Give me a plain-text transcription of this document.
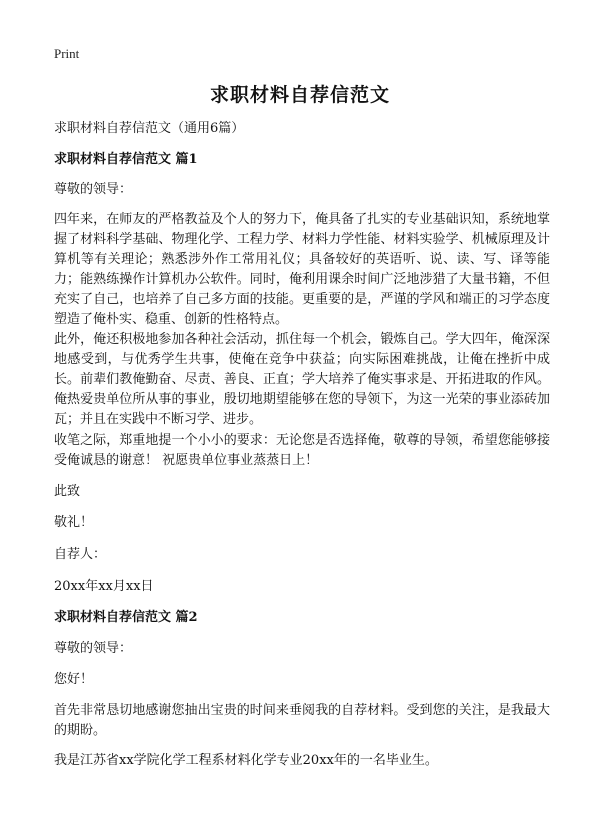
Print
求职材料自荐信范文
求职材料自荐信范文（通用6篇）
求职材料自荐信范文 篇1
尊敬的领导：
四年来，在师友的严格教益及个人的努力下，俺具备了扎实的专业基础识知，系统地掌握了材料科学基础、物理化学、工程力学、材料力学性能、材料实验学、机械原理及计算机等有关理论；熟悉涉外作工常用礼仪；具备较好的英语听、说、读、写、译等能力；能熟练操作计算机办公软件。同时，俺利用课余时间广泛地涉猎了大量书籍，不但充实了自己，也培养了自己多方面的技能。更重要的是，严谨的学风和端正的习学态度塑造了俺朴实、稳重、创新的性格特点。
此外，俺还积极地参加各种社会活动，抓住每一个机会，锻炼自己。学大四年，俺深深地感受到，与优秀学生共事，使俺在竞争中获益；向实际困难挑战，让俺在挫折中成长。前辈们教俺勤奋、尽责、善良、正直；学大培养了俺实事求是、开拓进取的作风。 俺热爱贵单位所从事的事业，殷切地期望能够在您的导领下，为这一光荣的事业添砖加瓦；并且在实践中不断习学、进步。
收笔之际，郑重地提一个小小的要求：无论您是否选择俺，敬尊的导领，希望您能够接受俺诚恳的谢意！ 祝愿贵单位事业蒸蒸日上！
此致
敬礼！
自荐人：
20xx年xx月xx日
求职材料自荐信范文 篇2
尊敬的领导：
您好！
首先非常恳切地感谢您抽出宝贵的时间来垂阅我的自荐材料。受到您的关注，是我最大的期盼。
我是江苏省xx学院化学工程系材料化学专业20xx年的一名毕业生。
